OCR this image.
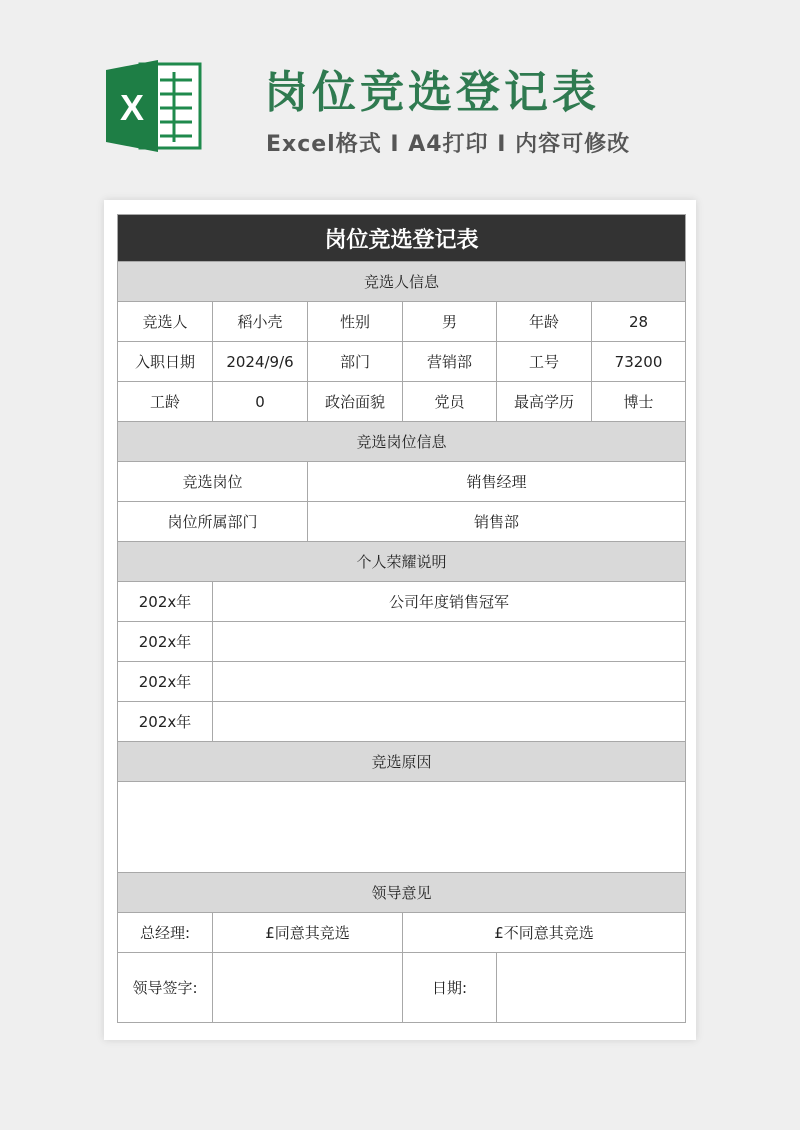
X	岗位竞选登记表
Excel格式 I A4打印 I 内容可修改
岗位竞选登记表					
竞选人信息					
竞选人	稻小壳	性别	男	年龄	28
入职日期	2024/9/6	部门	营销部	工号	73200
工龄	0	政治面貌	党员	最高学历	博士
竞选岗位信息					
竞选岗位		销售经理			
岗位所属部门		销售部			
个人荣耀说明					
202x年	公司年度销售冠军				
202x年					
202x年					
202x年					
竞选原因					

领导意见					
总经理:	£同意其竞选		£不同意其竞选		
领导签字:			日期:		
